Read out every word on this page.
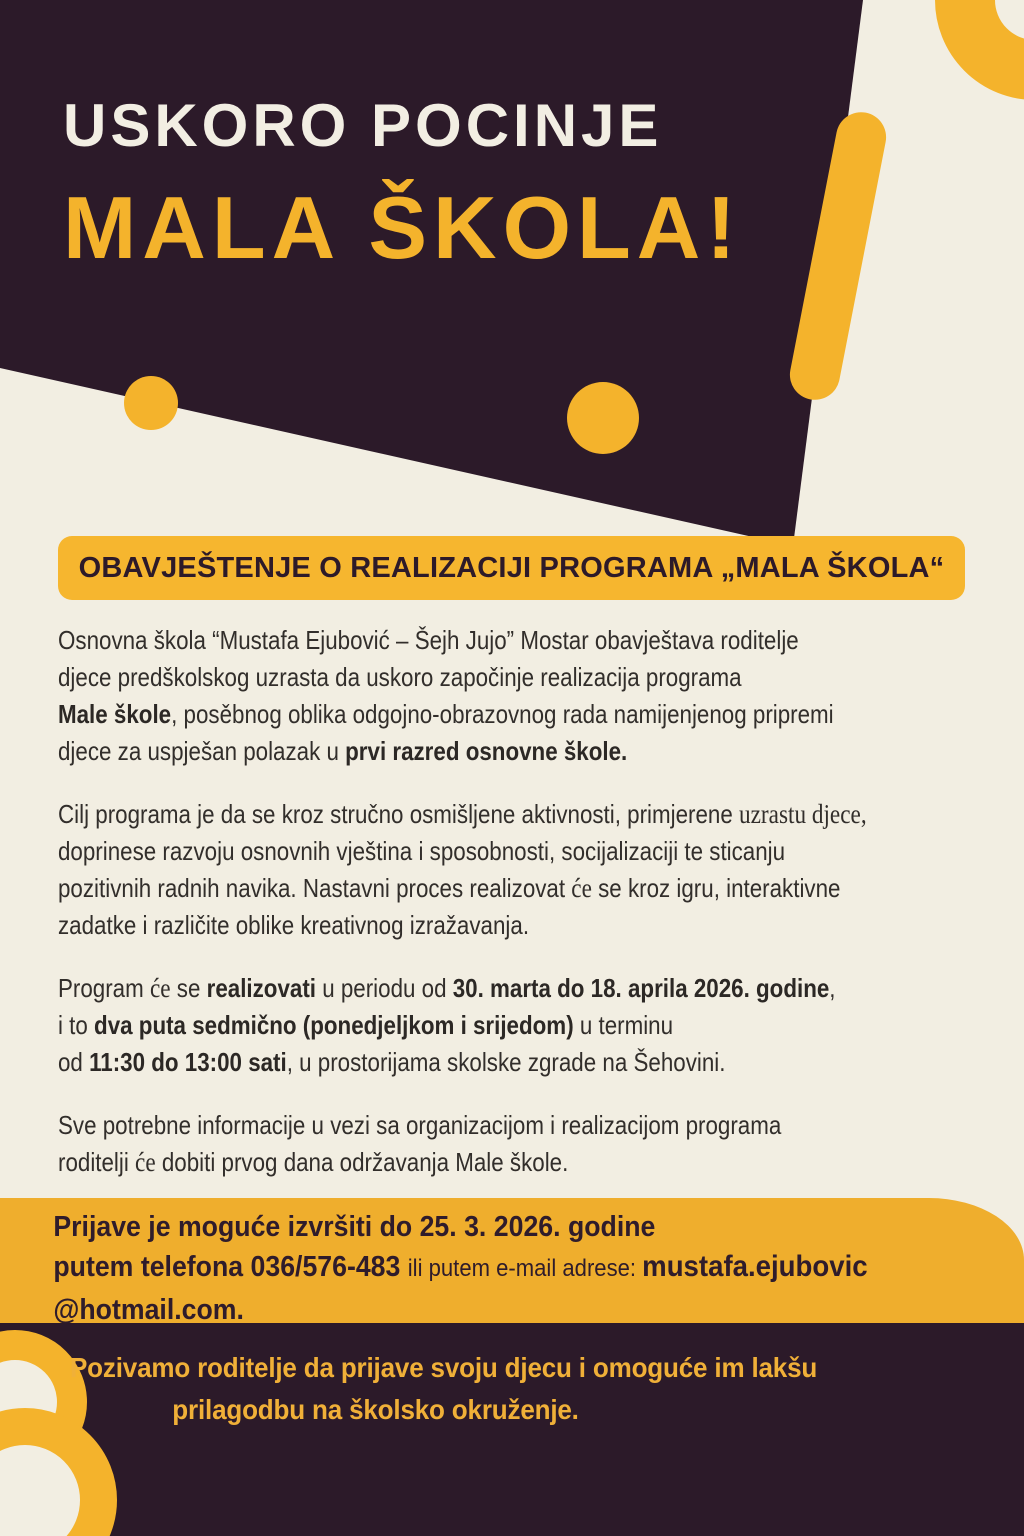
USKORO POCINJE
MALA ŠKOLA!
OBAVJEŠTENJE O REALIZACIJI PROGRAMA „MALA ŠKOLA“

Osnovna škola “Mustafa Ejubović – Šejh Jujo” Mostar obavještava roditelje
djece predškolskog uzrasta da uskoro započinje realizacija programa
Male škole, posěbnog oblika odgojno-obrazovnog rada namijenjenog pripremi
djece za uspješan polazak u prvi razred osnovne škole.

Cilj programa je da se kroz stručno osmišljene aktivnosti, primjerene uzrastu djece,
doprinese razvoju osnovnih vještina i sposobnosti, socijalizaciji te sticanju
pozitivnih radnih navika. Nastavni proces realizovat će se kroz igru, interaktivne
zadatke i različite oblike kreativnog izražavanja.

Program će se realizovati u periodu od 30. marta do 18. aprila 2026. godine,
i to dva puta sedmično (ponedjeljkom i srijedom) u terminu
od 11:30 do 13:00 sati, u prostorijama skolske zgrade na Šehovini.

Sve potrebne informacije u vezi sa organizacijom i realizacijom programa
roditelji će dobiti prvog dana održavanja Male škole.

Prijave je moguće izvršiti do 25. 3. 2026. godine
putem telefona 036/576-483 ili putem e-mail adrese: mustafa.ejubovic
@hotmail.com.
Pozivamo roditelje da prijave svoju djecu i omoguće im lakšu
prilagodbu na školsko okruženje.
